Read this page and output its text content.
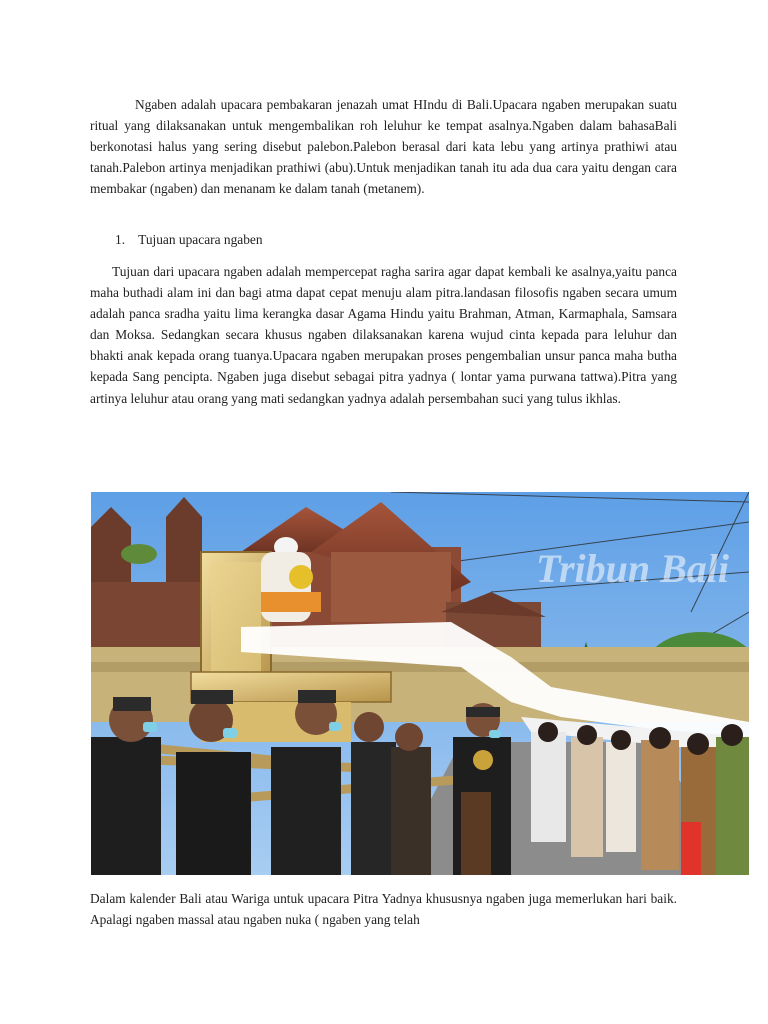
Ngaben adalah upacara pembakaran jenazah umat HIndu di Bali.Upacara ngaben merupakan suatu ritual yang dilaksanakan untuk mengembalikan roh leluhur ke tempat asalnya.Ngaben dalam bahasaBali berkonotasi halus yang sering disebut palebon.Palebon berasal dari kata lebu yang artinya prathiwi atau tanah.Palebon artinya menjadikan prathiwi (abu).Untuk menjadikan tanah itu ada dua cara yaitu dengan cara membakar (ngaben) dan menanam ke dalam tanah (metanem).

1. Tujuan upacara ngaben

Tujuan dari upacara ngaben adalah mempercepat ragha sarira agar dapat kembali ke asalnya,yaitu panca maha buthadi alam ini dan bagi atma dapat cepat menuju alam pitra.landasan filosofis ngaben secara umum adalah panca sradha yaitu lima kerangka dasar Agama Hindu yaitu Brahman, Atman, Karmaphala, Samsara dan Moksa. Sedangkan secara khusus ngaben dilaksanakan karena wujud cinta kepada para leluhur dan bhakti anak kepada orang tuanya.Upacara ngaben merupakan proses pengembalian unsur panca maha butha kepada Sang pencipta. Ngaben juga disebut sebagai pitra yadnya ( lontar yama purwana tattwa).Pitra yang artinya leluhur atau orang yang mati sedangkan yadnya adalah persembahan suci yang tulus ikhlas.

Tribun Bali

Dalam kalender Bali atau Wariga untuk upacara Pitra Yadnya khususnya ngaben juga memerlukan hari baik. Apalagi ngaben massal atau ngaben nuka ( ngaben yang telah
